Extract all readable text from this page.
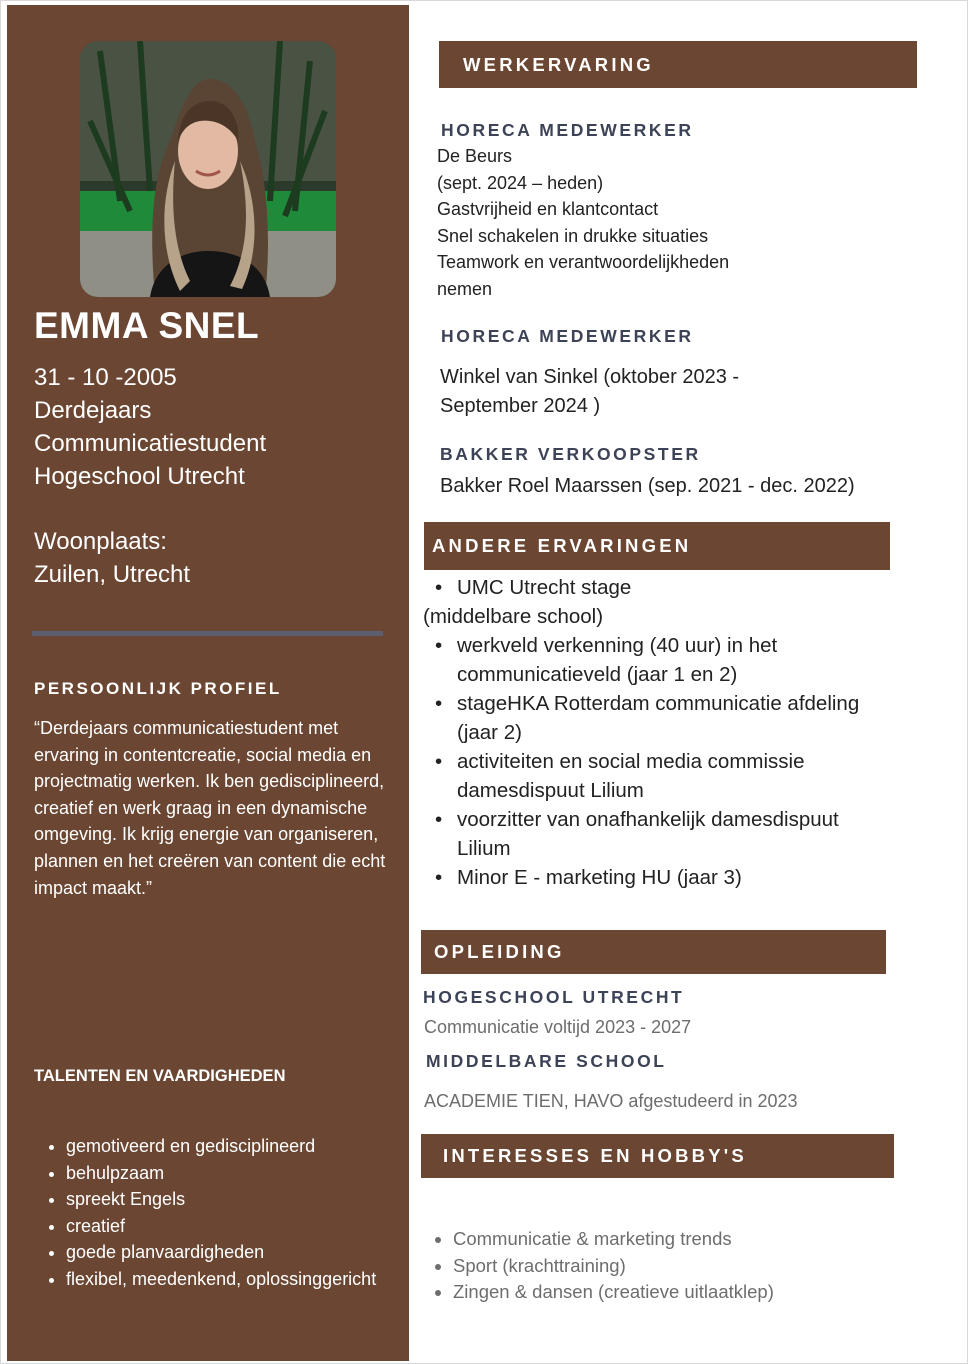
EMMA SNEL
31 - 10 -2005
Derdejaars
Communicatiestudent
Hogeschool Utrecht
Woonplaats:
Zuilen, Utrecht
PERSOONLIJK PROFIEL
“Derdejaars communicatiestudent met ervaring in contentcreatie, social media en projectmatig werken. Ik ben gedisciplineerd, creatief en werk graag in een dynamische omgeving. Ik krijg energie van organiseren, plannen en het creëren van content die echt impact maakt.”
TALENTEN EN VAARDIGHEDEN
• gemotiveerd en gedisciplineerd
• behulpzaam
• spreekt Engels
• creatief
• goede planvaardigheden
• flexibel, meedenkend, oplossinggericht
WERKERVARING
HORECA MEDEWERKER
De Beurs
(sept. 2024 – heden)
Gastvrijheid en klantcontact
Snel schakelen in drukke situaties
Teamwork en verantwoordelijkheden
nemen
HORECA MEDEWERKER
Winkel van Sinkel (oktober 2023 -
September 2024 )
BAKKER VERKOOPSTER
Bakker Roel Maarssen (sep. 2021 - dec. 2022)
ANDERE ERVARINGEN
• UMC Utrecht stage
(middelbare school)
• werkveld verkenning (40 uur) in het communicatieveld (jaar 1 en 2)
• stageHKA Rotterdam communicatie afdeling (jaar 2)
• activiteiten en social media commissie damesdispuut Lilium
• voorzitter van onafhankelijk damesdispuut Lilium
• Minor E - marketing HU (jaar 3)
OPLEIDING
HOGESCHOOL UTRECHT
Communicatie voltijd 2023 - 2027
MIDDELBARE SCHOOL
ACADEMIE TIEN, HAVO afgestudeerd in 2023
INTERESSES EN HOBBY'S
• Communicatie & marketing trends
• Sport (krachttraining)
• Zingen & dansen (creatieve uitlaatklep)
